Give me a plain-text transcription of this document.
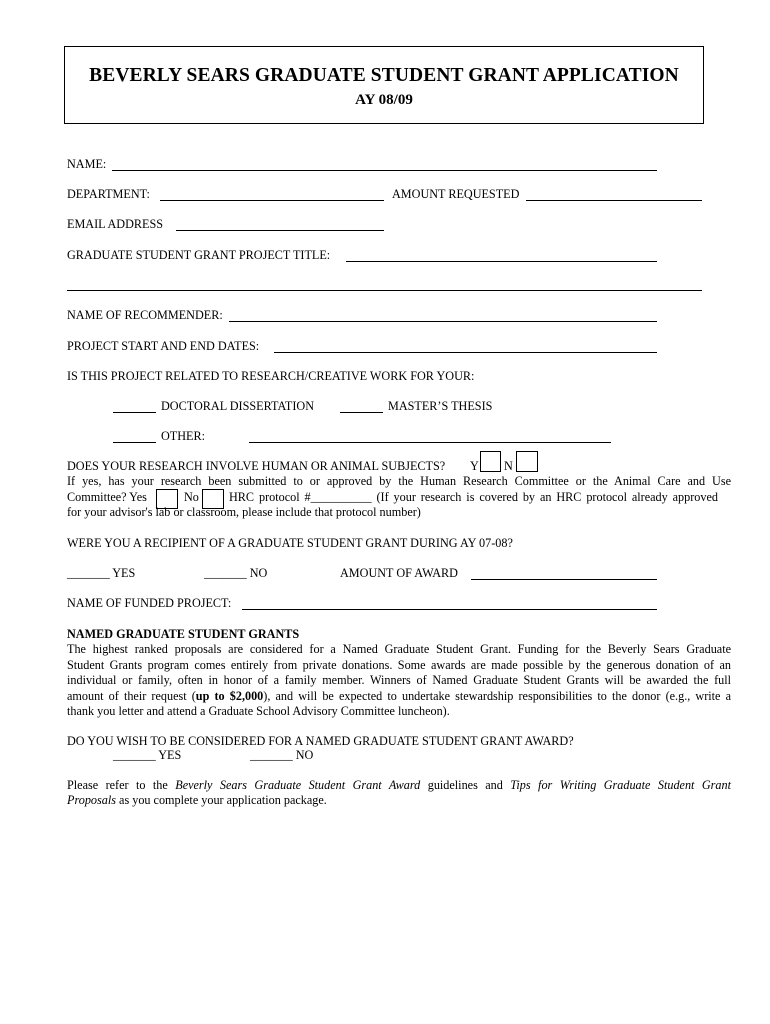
BEVERLY SEARS GRADUATE STUDENT GRANT APPLICATION
AY 08/09
NAME:
DEPARTMENT:	AMOUNT REQUESTED
EMAIL ADDRESS
GRADUATE STUDENT GRANT PROJECT TITLE:
NAME OF RECOMMENDER:
PROJECT START AND END DATES:
IS THIS PROJECT RELATED TO RESEARCH/CREATIVE WORK FOR YOUR:
DOCTORAL DISSERTATION	MASTER’S THESIS
OTHER:
DOES YOUR RESEARCH INVOLVE HUMAN OR ANIMAL SUBJECTS? Y N
If yes, has your research been submitted to or approved by the Human Research Committee or the Animal Care and Use
Committee? Yes	No HRC protocol #__________ (If your research is covered by an HRC protocol already approved
for your advisor's lab or classroom, please include that protocol number)
WERE YOU A RECIPIENT OF A GRADUATE STUDENT GRANT DURING AY 07-08?
_______ YES	_______ NO	AMOUNT OF AWARD
NAME OF FUNDED PROJECT:
NAMED GRADUATE STUDENT GRANTS
The highest ranked proposals are considered for a Named Graduate Student Grant. Funding for the Beverly Sears Graduate
Student Grants program comes entirely from private donations. Some awards are made possible by the generous donation of an
individual or family, often in honor of a family member. Winners of Named Graduate Student Grants will be awarded the full
amount of their request (up to $2,000), and will be expected to undertake stewardship responsibilities to the donor (e.g., write a
thank you letter and attend a Graduate School Advisory Committee luncheon).
DO YOU WISH TO BE CONSIDERED FOR A NAMED GRADUATE STUDENT GRANT AWARD?
_______ YES	_______ NO
Please refer to the Beverly Sears Graduate Student Grant Award guidelines and Tips for Writing Graduate Student Grant
Proposals as you complete your application package.
